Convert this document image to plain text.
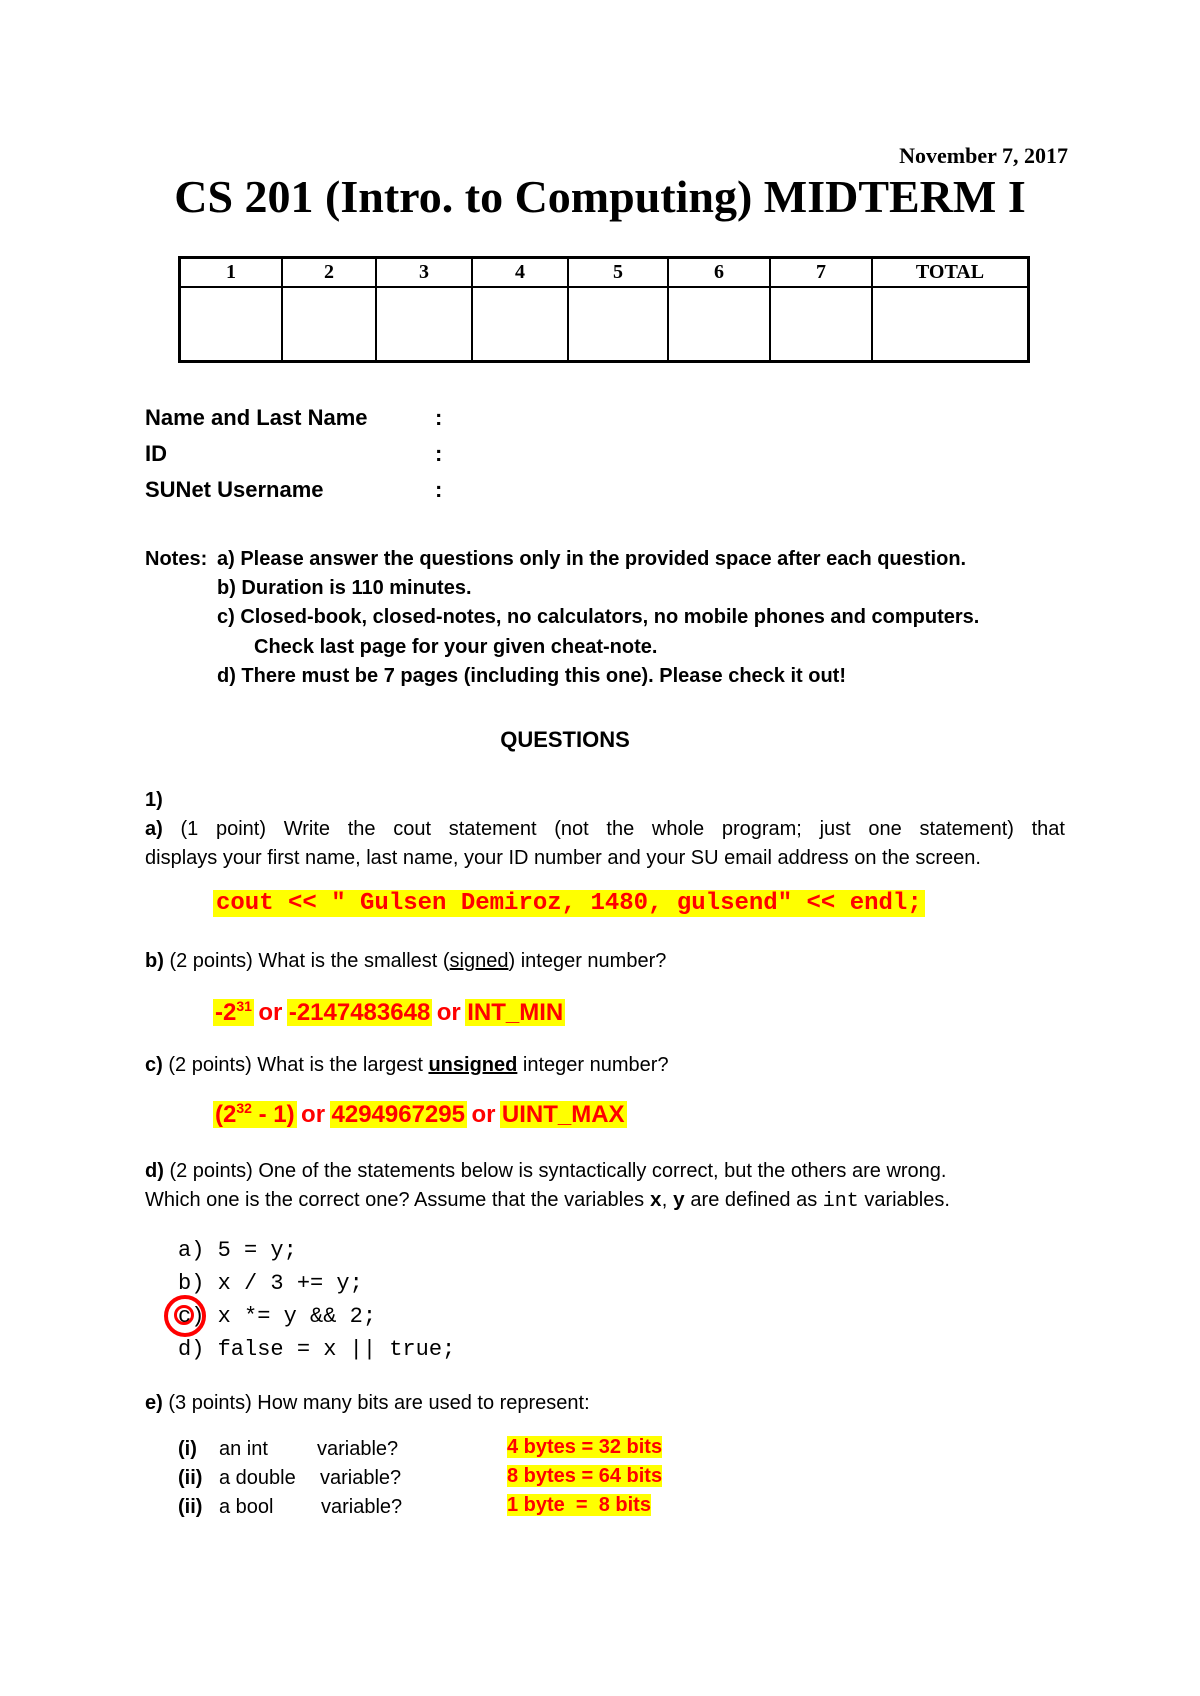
November 7, 2017
CS 201 (Intro. to Computing) MIDTERM I
1	2	3	4	5	6	7	TOTAL

Name and Last Name	:
ID	:
SUNet Username	:
Notes: a) Please answer the questions only in the provided space after each question.
b) Duration is 110 minutes.
c) Closed-book, closed-notes, no calculators, no mobile phones and computers.
Check last page for your given cheat-note.
d) There must be 7 pages (including this one). Please check it out!
QUESTIONS
1)
a) (1 point) Write the cout statement (not the whole program; just one statement) that
displays your first name, last name, your ID number and your SU email address on the screen.
cout << " Gulsen Demiroz, 1480, gulsend" << endl;
b) (2 points) What is the smallest (signed) integer number?
$-2^{31}$ or -2147483648 or INT_MIN
c) (2 points) What is the largest unsigned integer number?
$(2^{32} - 1)$ or 4294967295 or UINT_MAX
d) (2 points) One of the statements below is syntactically correct, but the others are wrong.
Which one is the correct one? Assume that the variables x, y are defined as int variables.
a) 5 = y;
b) x / 3 += y;
c) x *= y && 2;
d) false = x || true;
e) (3 points) How many bits are used to represent:
(i) an int variable?	4 bytes = 32 bits
(ii) a double variable?	8 bytes = 64 bits
(ii) a bool variable?	1 byte  =  8 bits
